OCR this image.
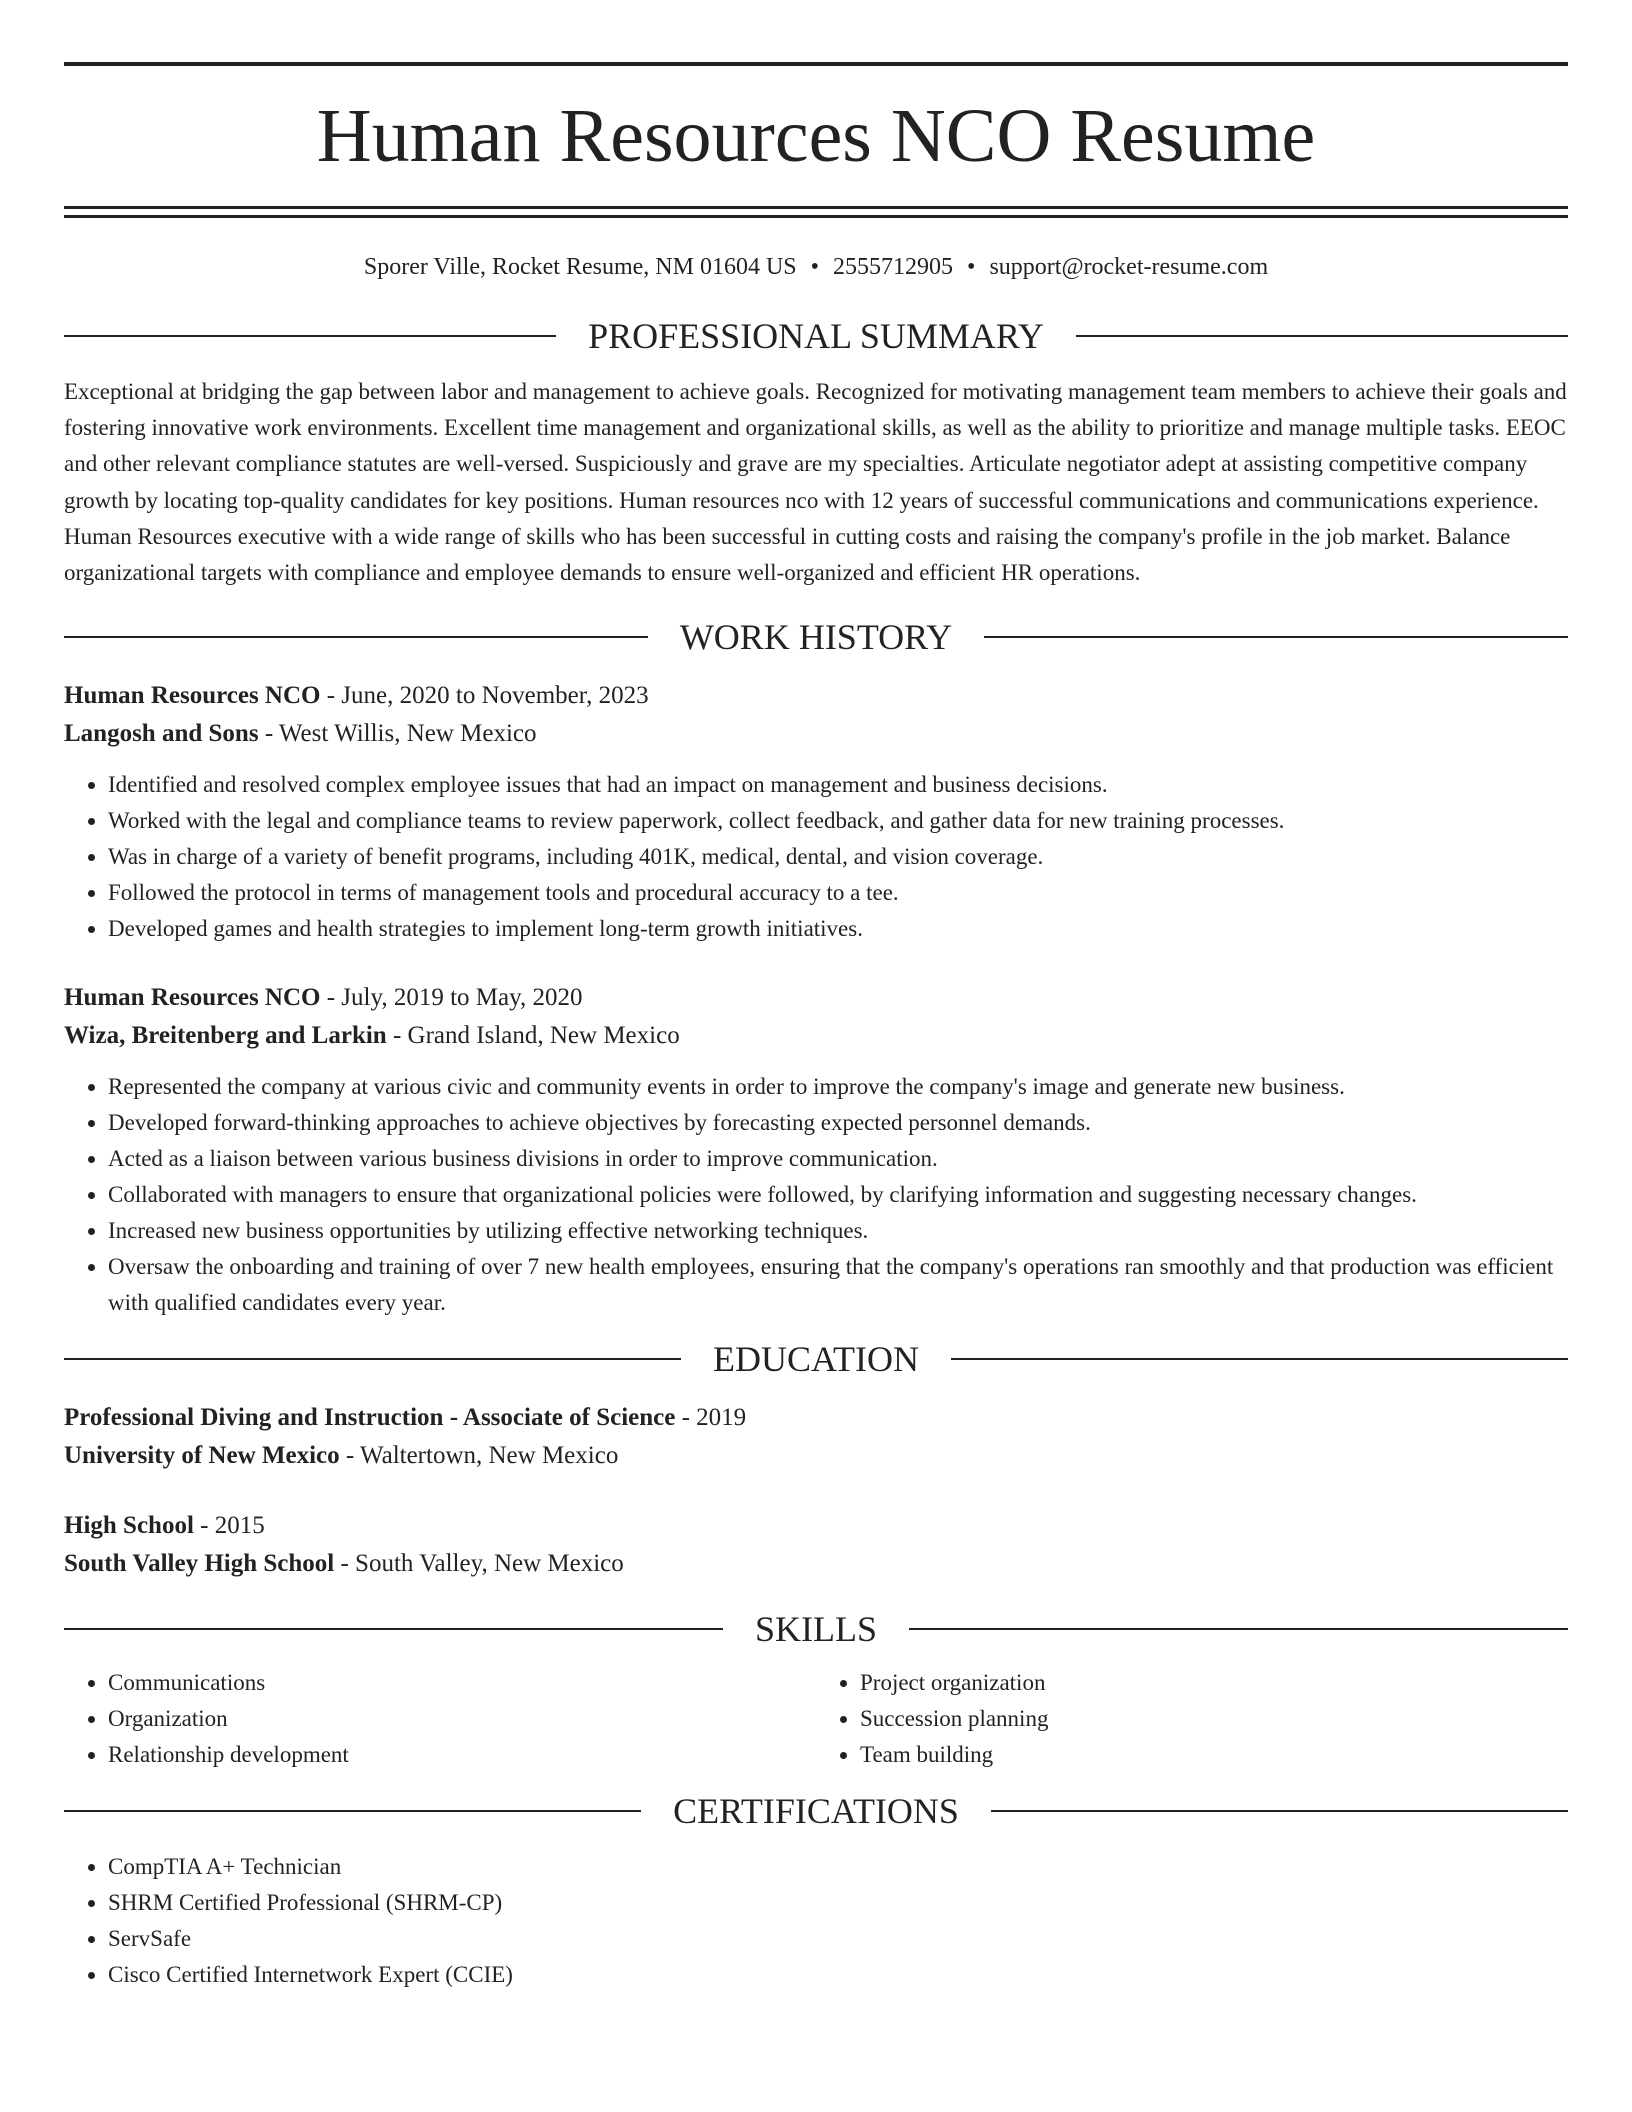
Human Resources NCO Resume
Sporer Ville, Rocket Resume, NM 01604 US • 2555712905 • support@rocket-resume.com
PROFESSIONAL SUMMARY

Exceptional at bridging the gap between labor and management to achieve goals. Recognized for motivating management team members to achieve their goals and fostering innovative work environments. Excellent time management and organizational skills, as well as the ability to prioritize and manage multiple tasks. EEOC and other relevant compliance statutes are well-versed. Suspiciously and grave are my specialties. Articulate negotiator adept at assisting competitive company growth by locating top-quality candidates for key positions. Human resources nco with 12 years of successful communications and communications experience. Human Resources executive with a wide range of skills who has been successful in cutting costs and raising the company's profile in the job market. Balance organizational targets with compliance and employee demands to ensure well-organized and efficient HR operations.

WORK HISTORY
Human Resources NCO - June, 2020 to November, 2023
Langosh and Sons - West Willis, New Mexico
• Identified and resolved complex employee issues that had an impact on management and business decisions.
• Worked with the legal and compliance teams to review paperwork, collect feedback, and gather data for new training processes.
• Was in charge of a variety of benefit programs, including 401K, medical, dental, and vision coverage.
• Followed the protocol in terms of management tools and procedural accuracy to a tee.
• Developed games and health strategies to implement long-term growth initiatives.
Human Resources NCO - July, 2019 to May, 2020
Wiza, Breitenberg and Larkin - Grand Island, New Mexico
• Represented the company at various civic and community events in order to improve the company's image and generate new business.
• Developed forward-thinking approaches to achieve objectives by forecasting expected personnel demands.
• Acted as a liaison between various business divisions in order to improve communication.
• Collaborated with managers to ensure that organizational policies were followed, by clarifying information and suggesting necessary changes.
• Increased new business opportunities by utilizing effective networking techniques.
• Oversaw the onboarding and training of over 7 new health employees, ensuring that the company's operations ran smoothly and that production was efficient with qualified candidates every year.
EDUCATION
Professional Diving and Instruction - Associate of Science - 2019
University of New Mexico - Waltertown, New Mexico
High School - 2015
South Valley High School - South Valley, New Mexico
SKILLS
• Communications
• Organization
• Relationship development
• Project organization
• Succession planning
• Team building
CERTIFICATIONS
• CompTIA A+ Technician
• SHRM Certified Professional (SHRM-CP)
• ServSafe
• Cisco Certified Internetwork Expert (CCIE)
